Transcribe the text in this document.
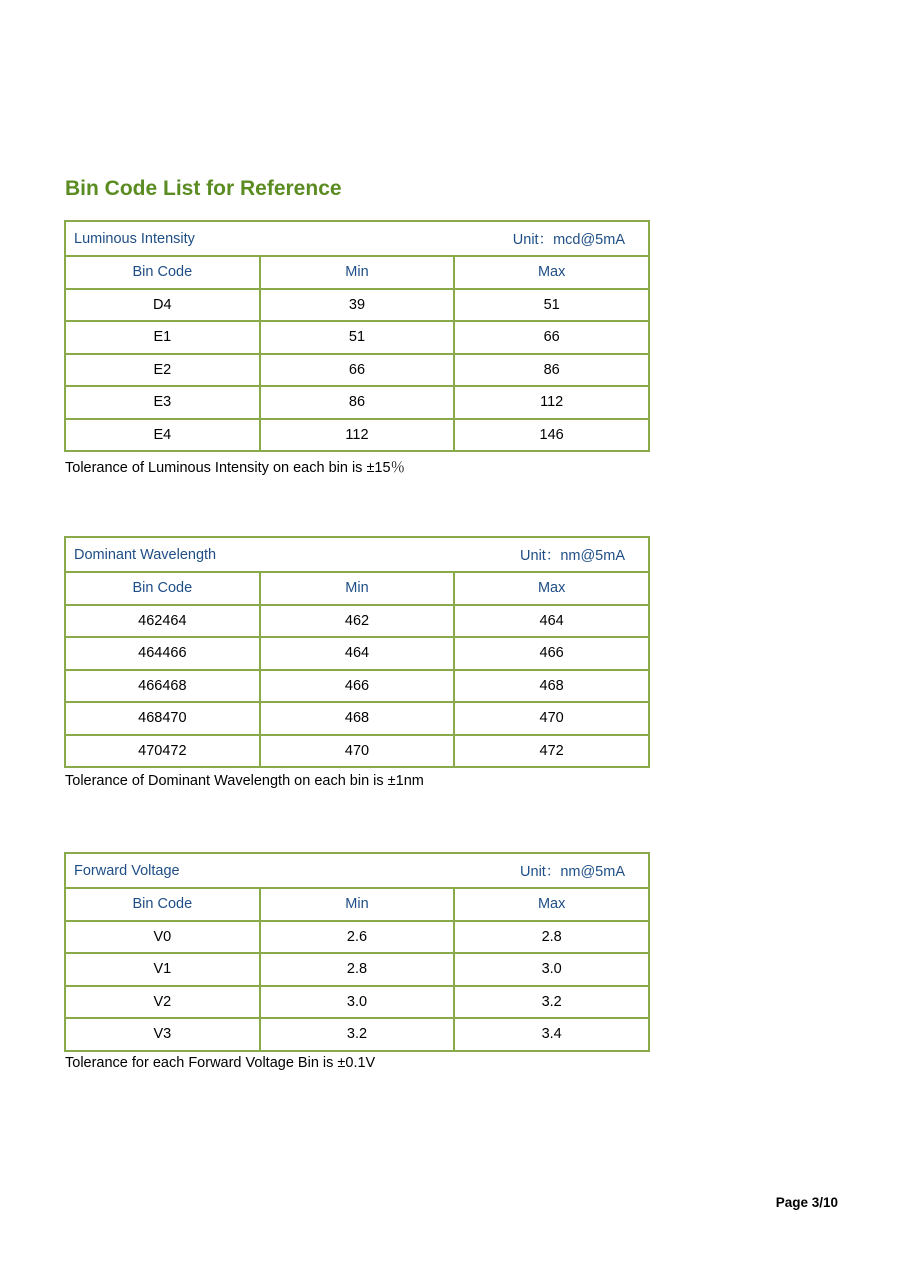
Bin Code List for Reference
Luminous Intensity Unit：mcd@5mA		

Bin Code	Min	Max
D4	39	51
E1	51	66
E2	66	86
E3	86	112
E4	112	146
Tolerance of Luminous Intensity on each bin is ±15％
Dominant Wavelength Unit：nm@5mA		

Bin Code	Min	Max
462464	462	464
464466	464	466
466468	466	468
468470	468	470
470472	470	472
Tolerance of Dominant Wavelength on each bin is ±1nm
Forward Voltage Unit：nm@5mA		

Bin Code	Min	Max
V0	2.6	2.8
V1	2.8	3.0
V2	3.0	3.2
V3	3.2	3.4
Tolerance for each Forward Voltage Bin is ±0.1V
Page 3/10
